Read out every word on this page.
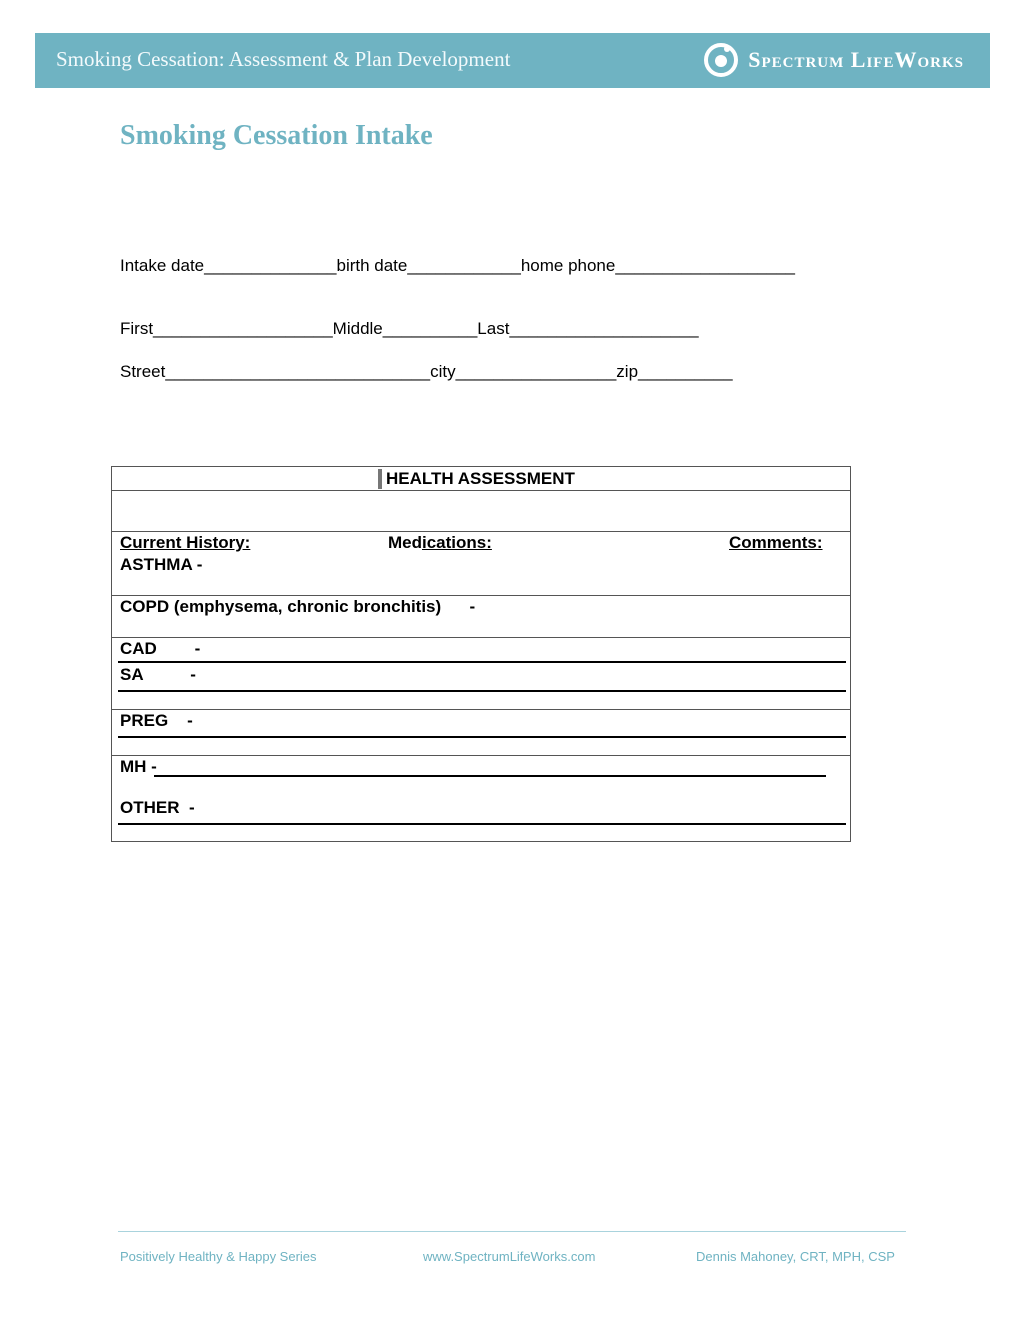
Smoking Cessation: Assessment & Plan Development	Spectrum LifeWorks
Smoking Cessation Intake
Intake date______________birth date____________home phone___________________
First___________________Middle__________Last____________________
Street____________________________city_________________zip__________
HEALTH ASSESSMENT
Current History:	Medications:	Comments:
ASTHMA -
COPD (emphysema, chronic bronchitis)      -
CAD        -
SA          -
PREG    -
MH -
OTHER  -
Positively Healthy & Happy Series	www.SpectrumLifeWorks.com	Dennis Mahoney, CRT, MPH, CSP
